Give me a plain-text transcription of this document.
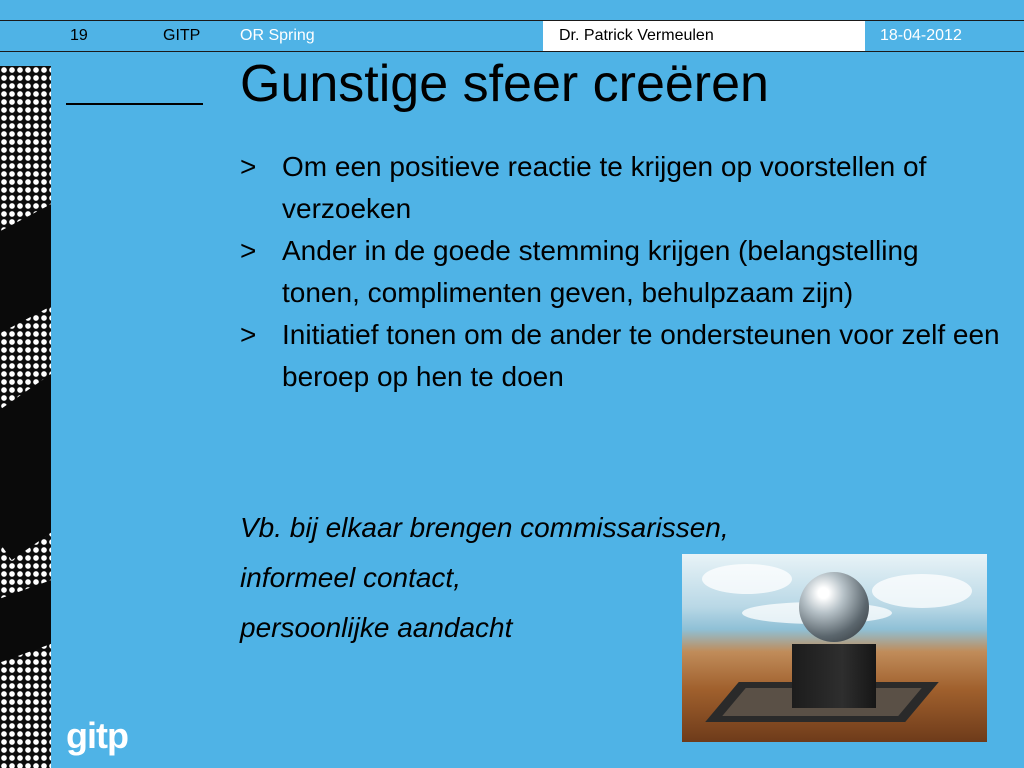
19	GITP OR Spring	Dr. Patrick Vermeulen	18-04-2012
Gunstige sfeer creëren
> Om een positieve reactie te krijgen op voorstellen of verzoeken
> Ander in de goede stemming krijgen (belangstelling tonen, complimenten geven, behulpzaam zijn)
> Initiatief tonen om de ander te ondersteunen voor zelf een beroep op hen te doen
Vb. bij elkaar brengen commissarissen,
informeel contact,
persoonlijke aandacht
gitp
